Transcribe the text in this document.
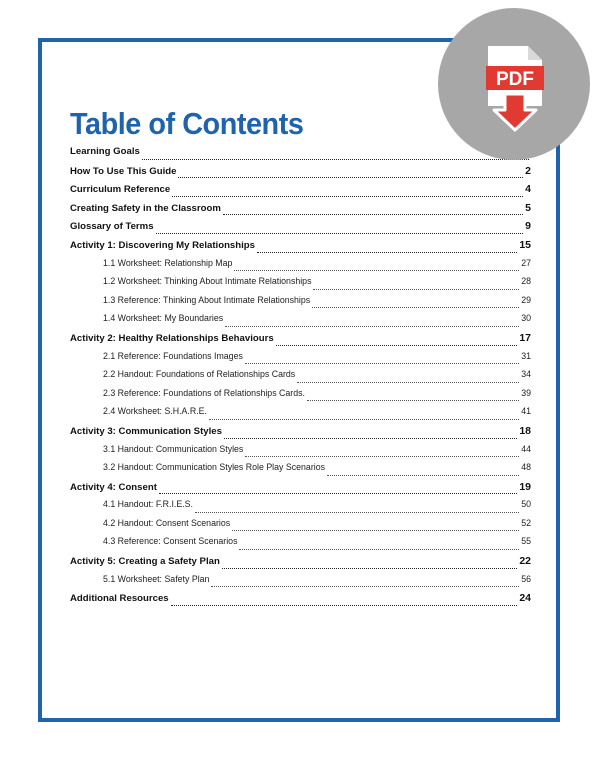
Table of Contents
Learning Goals
How To Use This Guide	2
Curriculum Reference	4
Creating Safety in the Classroom	5
Glossary of Terms	9
Activity 1: Discovering My Relationships	15
1.1 Worksheet: Relationship Map	27
1.2 Worksheet: Thinking About Intimate Relationships	28
1.3 Reference: Thinking About Intimate Relationships	29
1.4 Worksheet: My Boundaries	30
Activity 2: Healthy Relationships Behaviours	17
2.1 Reference: Foundations Images	31
2.2 Handout: Foundations of Relationships Cards	34
2.3 Reference: Foundations of Relationships Cards.	39
2.4 Worksheet: S.H.A.R.E.	41
Activity 3: Communication Styles	18
3.1 Handout: Communication Styles	44
3.2 Handout: Communication Styles Role Play Scenarios	48
Activity 4: Consent	19
4.1 Handout: F.R.I.E.S.	50
4.2 Handout: Consent Scenarios	52
4.3 Reference: Consent Scenarios	55
Activity 5: Creating a Safety Plan	22
5.1 Worksheet: Safety Plan	56
Additional Resources	24
PDF
